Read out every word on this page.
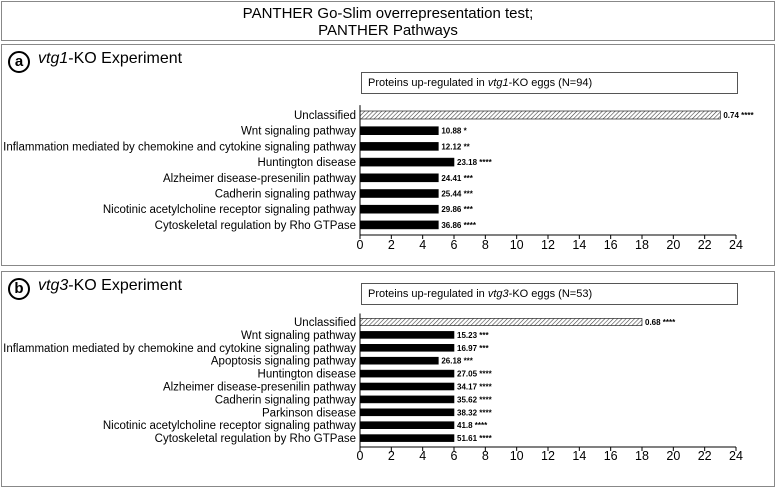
PANTHER Go-Slim overrepresentation test;
PANTHER Pathways
a vtg1-KO Experiment
Proteins up-regulated in vtg1-KO eggs (N=94)
Unclassified	0.74 ****
Wnt signaling pathway	10.88 *
Inflammation mediated by chemokine and cytokine signaling pathway	12.12 **
Huntington disease	23.18 ****
Alzheimer disease-presenilin pathway	24.41 ***
Cadherin signaling pathway	25.44 ***
Nicotinic acetylcholine receptor signaling pathway	29.86 ***
Cytoskeletal regulation by Rho GTPase	36.86 ****
0 2 4 6 8 10 12 14 16 18 20 22 24
b vtg3-KO Experiment	Proteins up-regulated in vtg3-KO eggs (N=53)
Unclassified	0.68 ****
Wnt signaling pathway	15.23 ***
Inflammation mediated by chemokine and cytokine signaling pathway	16.97 ***
Apoptosis signaling pathway	26.18 ***
Huntington disease	27.05 ****
Alzheimer disease-presenilin pathway	34.17 ****
Cadherin signaling pathway	35.62 ****
Parkinson disease	38.32 ****
Nicotinic acetylcholine receptor signaling pathway	41.8 ****
Cytoskeletal regulation by Rho GTPase	51.61 ****
0 2 4 6 8 10 12 14 16 18 20 22 24
